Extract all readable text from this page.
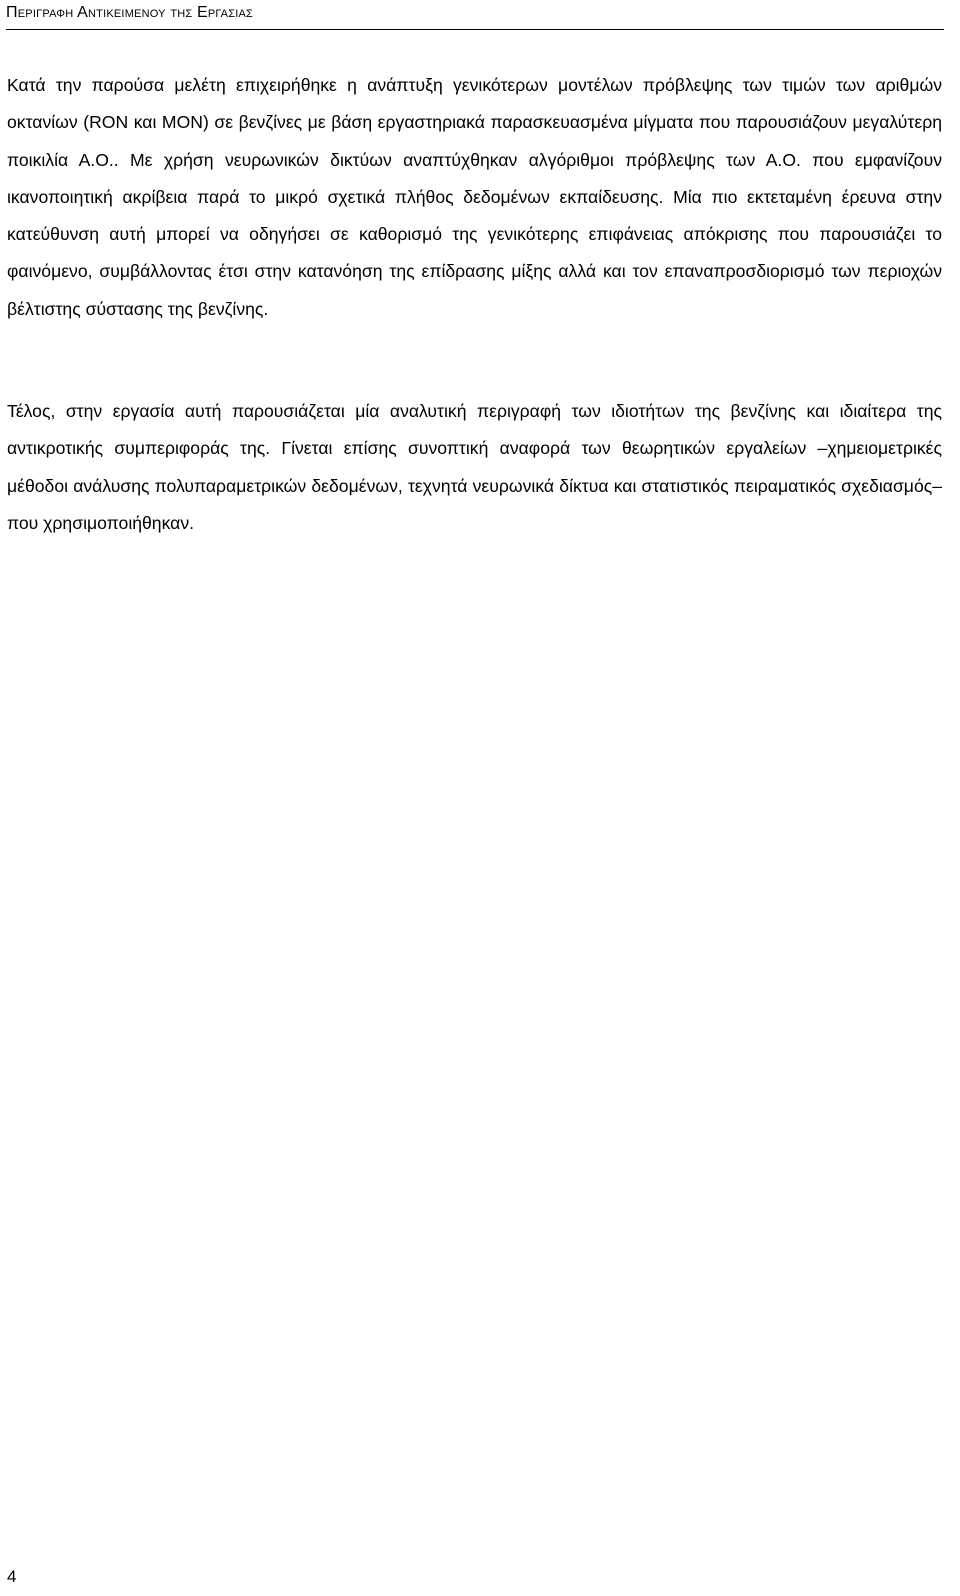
Περιγραφη Αντικειμενου της Εργασιας

Κατά την παρούσα μελέτη επιχειρήθηκε η ανάπτυξη γενικότερων μοντέλων πρόβλεψης των τιμών των αριθμών οκτανίων (RON και MON) σε βενζίνες με βάση εργαστηριακά παρασκευασμένα μίγματα που παρουσιάζουν μεγαλύτερη ποικιλία Α.Ο.. Με χρήση νευρωνικών δικτύων αναπτύχθηκαν αλγόριθμοι πρόβλεψης των Α.Ο. που εμφανίζουν ικανοποιητική ακρίβεια παρά το μικρό σχετικά πλήθος δεδομένων εκπαίδευσης. Μία πιο εκτεταμένη έρευνα στην κατεύθυνση αυτή μπορεί να οδηγήσει σε καθορισμό της γενικότερης επιφάνειας απόκρισης που παρουσιάζει το φαινόμενο, συμβάλλοντας έτσι στην κατανόηση της επίδρασης μίξης αλλά και τον επαναπροσδιορισμό των περιοχών βέλτιστης σύστασης της βενζίνης.

Τέλος, στην εργασία αυτή παρουσιάζεται μία αναλυτική περιγραφή των ιδιοτήτων της βενζίνης και ιδιαίτερα της αντικροτικής συμπεριφοράς της. Γίνεται επίσης συνοπτική αναφορά των θεωρητικών εργαλείων –χημειομετρικές μέθοδοι ανάλυσης πολυπαραμετρικών δεδομένων, τεχνητά νευρωνικά δίκτυα και στατιστικός πειραματικός σχεδιασμός– που χρησιμοποιήθηκαν.

4
